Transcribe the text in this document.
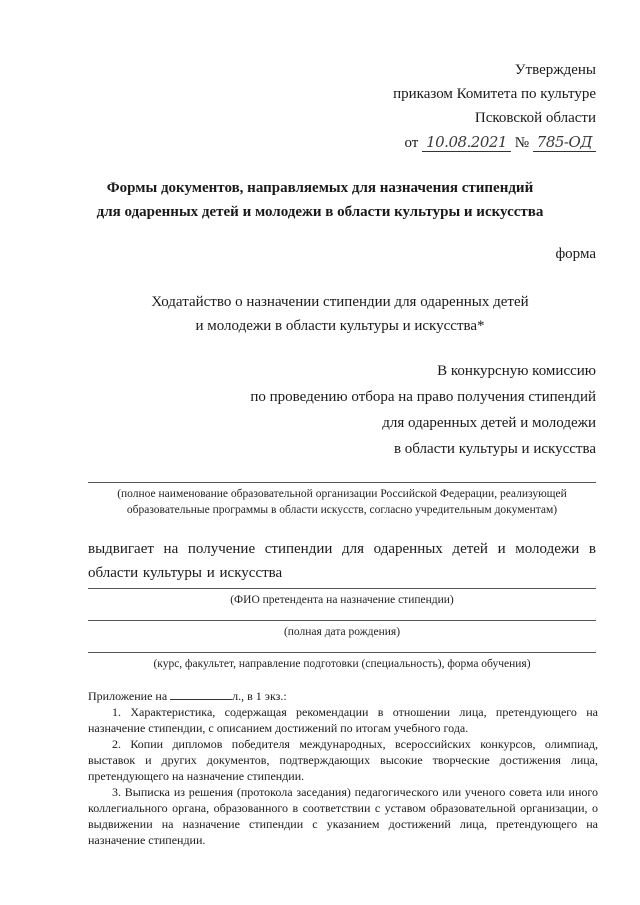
Утверждены
приказом Комитета по культуре
Псковской области
от 10.08.2021 № 785-ОД
Формы документов, направляемых для назначения стипендий
для одаренных детей и молодежи в области культуры и искусства
форма
Ходатайство о назначении стипендии для одаренных детей
и молодежи в области культуры и искусства*
В конкурсную комиссию
по проведению отбора на право получения стипендий
для одаренных детей и молодежи
в области культуры и искусства
(полное наименование образовательной организации Российской Федерации, реализующей образовательные программы в области искусств, согласно учредительным документам)
выдвигает на получение стипендии для одаренных детей и молодежи в области культуры и искусства
(ФИО претендента на назначение стипендии)
(полная дата рождения)
(курс, факультет, направление подготовки (специальность), форма обучения)

Приложение на	л., в 1 экз.:

1. Характеристика, содержащая рекомендации в отношении лица, претендующего на назначение стипендии, с описанием достижений по итогам учебного года.

2. Копии дипломов победителя международных, всероссийских конкурсов, олимпиад, выставок и других документов, подтверждающих высокие творческие достижения лица, претендующего на назначение стипендии.

3. Выписка из решения (протокола заседания) педагогического или ученого совета или иного коллегиального органа, образованного в соответствии с уставом образовательной организации, о выдвижении на назначение стипендии с указанием достижений лица, претендующего на назначение стипендии.
